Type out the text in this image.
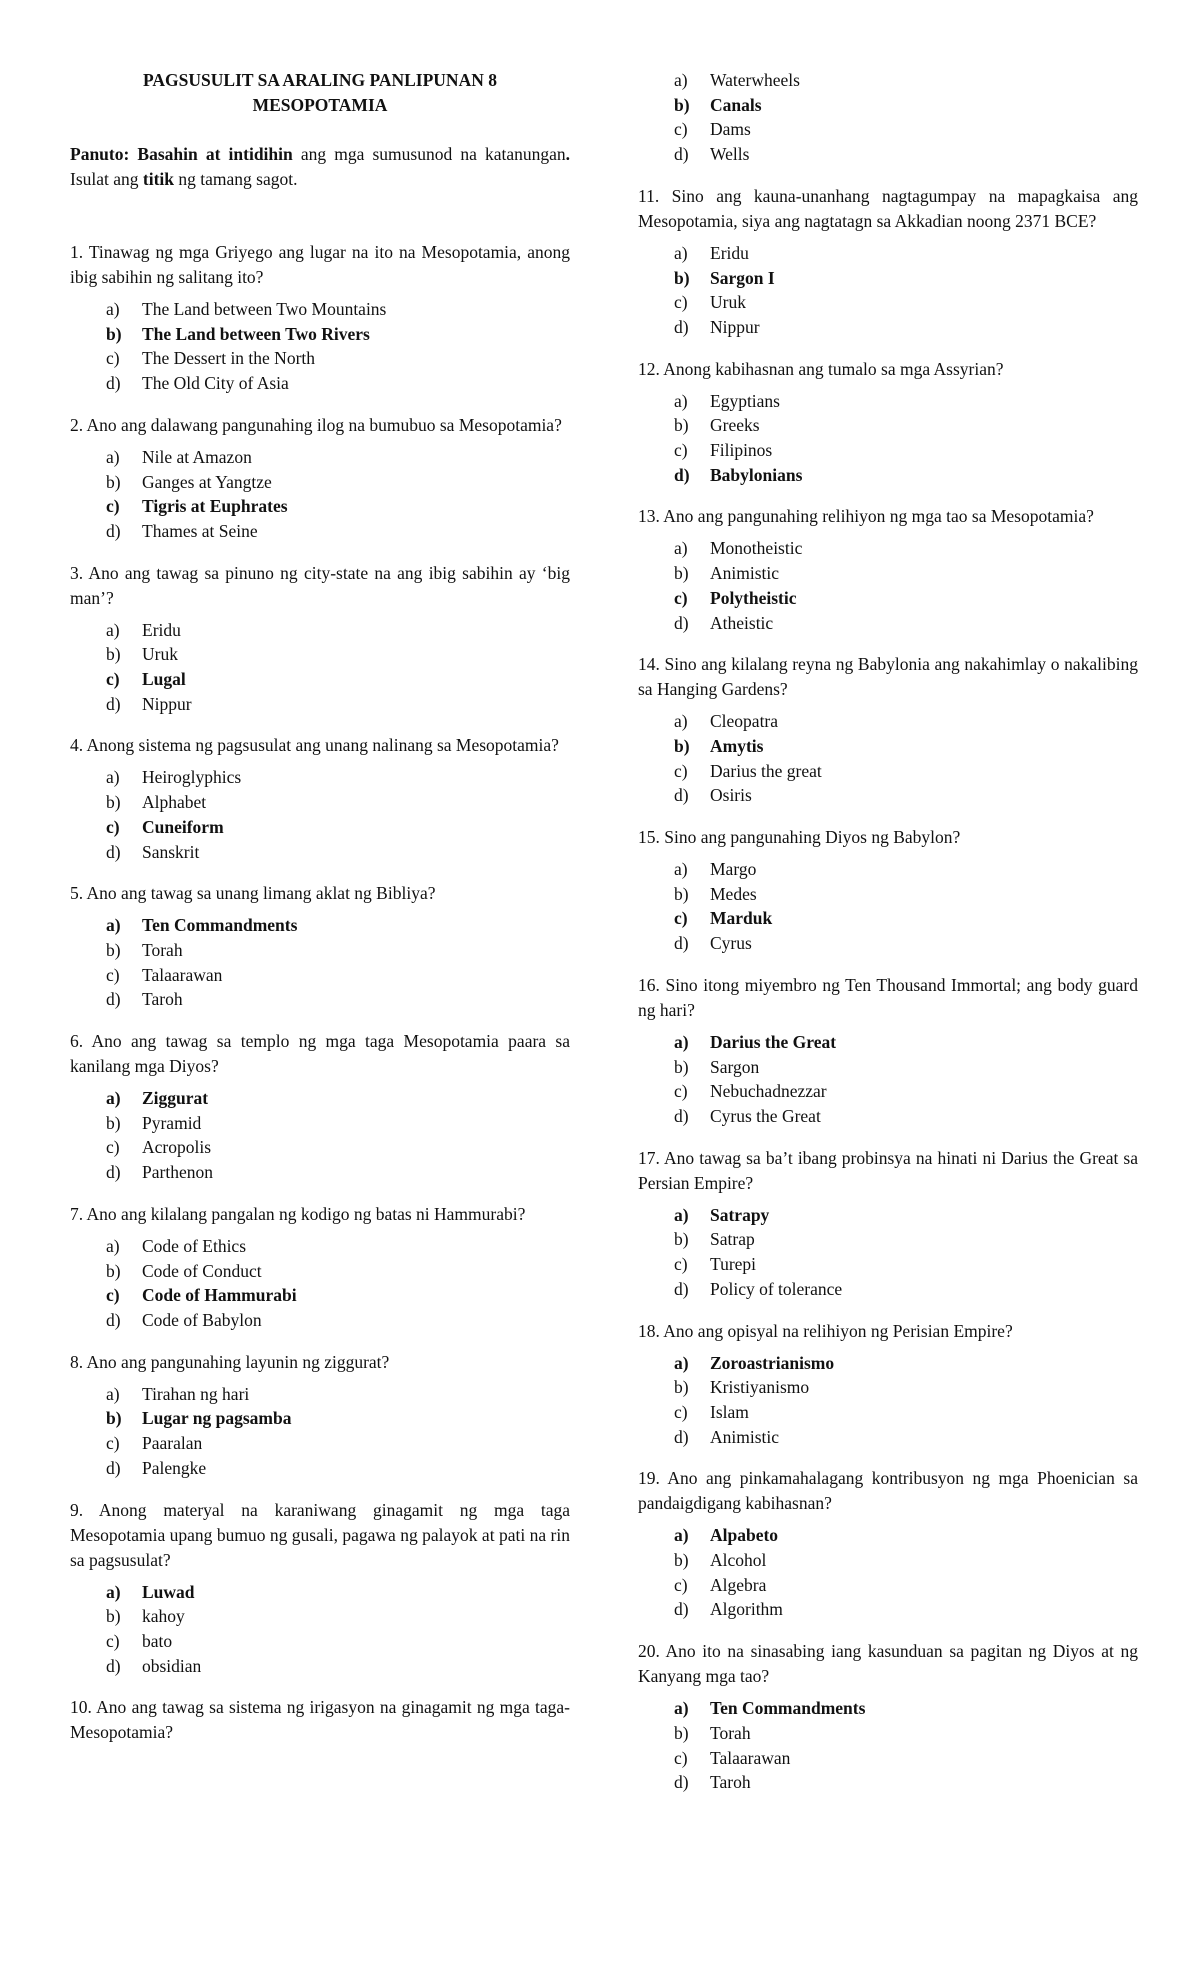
PAGSUSULIT SA ARALING PANLIPUNAN 8
MESOPOTAMIA

Panuto: Basahin at intidihin ang mga sumusunod na katanungan. Isulat ang titik ng tamang sagot.

1. Tinawag ng mga Griyego ang lugar na ito na Mesopotamia, anong ibig sabihin ng salitang ito?

a) The Land between Two Mountains
b) The Land between Two Rivers
c) The Dessert in the North
d) The Old City of Asia

2. Ano ang dalawang pangunahing ilog na bumubuo sa Mesopotamia?

a) Nile at Amazon
b) Ganges at Yangtze
c) Tigris at Euphrates
d) Thames at Seine

3. Ano ang tawag sa pinuno ng city-state na ang ibig sabihin ay ‘big man’?

a) Eridu
b) Uruk
c) Lugal
d) Nippur

4. Anong sistema ng pagsusulat ang unang nalinang sa Mesopotamia?

a) Heiroglyphics
b) Alphabet
c) Cuneiform
d) Sanskrit

5. Ano ang tawag sa unang limang aklat ng Bibliya?

a) Ten Commandments
b) Torah
c) Talaarawan
d) Taroh

6. Ano ang tawag sa templo ng mga taga Mesopotamia paara sa kanilang mga Diyos?

a) Ziggurat
b) Pyramid
c) Acropolis
d) Parthenon

7. Ano ang kilalang pangalan ng kodigo ng batas ni Hammurabi?

a) Code of Ethics
b) Code of Conduct
c) Code of Hammurabi
d) Code of Babylon

8. Ano ang pangunahing layunin ng ziggurat?

a) Tirahan ng hari
b) Lugar ng pagsamba
c) Paaralan
d) Palengke

9. Anong materyal na karaniwang ginagamit ng mga taga Mesopotamia upang bumuo ng gusali, pagawa ng palayok at pati na rin sa pagsusulat?

a) Luwad
b) kahoy
c) bato
d) obsidian

10. Ano ang tawag sa sistema ng irigasyon na ginagamit ng mga taga-Mesopotamia?

a) Waterwheels
b) Canals
c) Dams
d) Wells

11. Sino ang kauna-unanhang nagtagumpay na mapagkaisa ang Mesopotamia, siya ang nagtatagn sa Akkadian noong 2371 BCE?

a) Eridu
b) Sargon I
c) Uruk
d) Nippur

12. Anong kabihasnan ang tumalo sa mga Assyrian?

a) Egyptians
b) Greeks
c) Filipinos
d) Babylonians

13. Ano ang pangunahing relihiyon ng mga tao sa Mesopotamia?

a) Monotheistic
b) Animistic
c) Polytheistic
d) Atheistic

14. Sino ang kilalang reyna ng Babylonia ang nakahimlay o nakalibing sa Hanging Gardens?

a) Cleopatra
b) Amytis
c) Darius the great
d) Osiris

15. Sino ang pangunahing Diyos ng Babylon?

a) Margo
b) Medes
c) Marduk
d) Cyrus

16. Sino itong miyembro ng Ten Thousand Immortal; ang body guard ng hari?

a) Darius the Great
b) Sargon
c) Nebuchadnezzar
d) Cyrus the Great

17. Ano tawag sa ba’t ibang probinsya na hinati ni Darius the Great sa Persian Empire?

a) Satrapy
b) Satrap
c) Turepi
d) Policy of tolerance

18. Ano ang opisyal na relihiyon ng Perisian Empire?

a) Zoroastrianismo
b) Kristiyanismo
c) Islam
d) Animistic

19. Ano ang pinkamahalagang kontribusyon ng mga Phoenician sa pandaigdigang kabihasnan?

a) Alpabeto
b) Alcohol
c) Algebra
d) Algorithm

20. Ano ito na sinasabing iang kasunduan sa pagitan ng Diyos at ng Kanyang mga tao?

a) Ten Commandments
b) Torah
c) Talaarawan
d) Taroh
